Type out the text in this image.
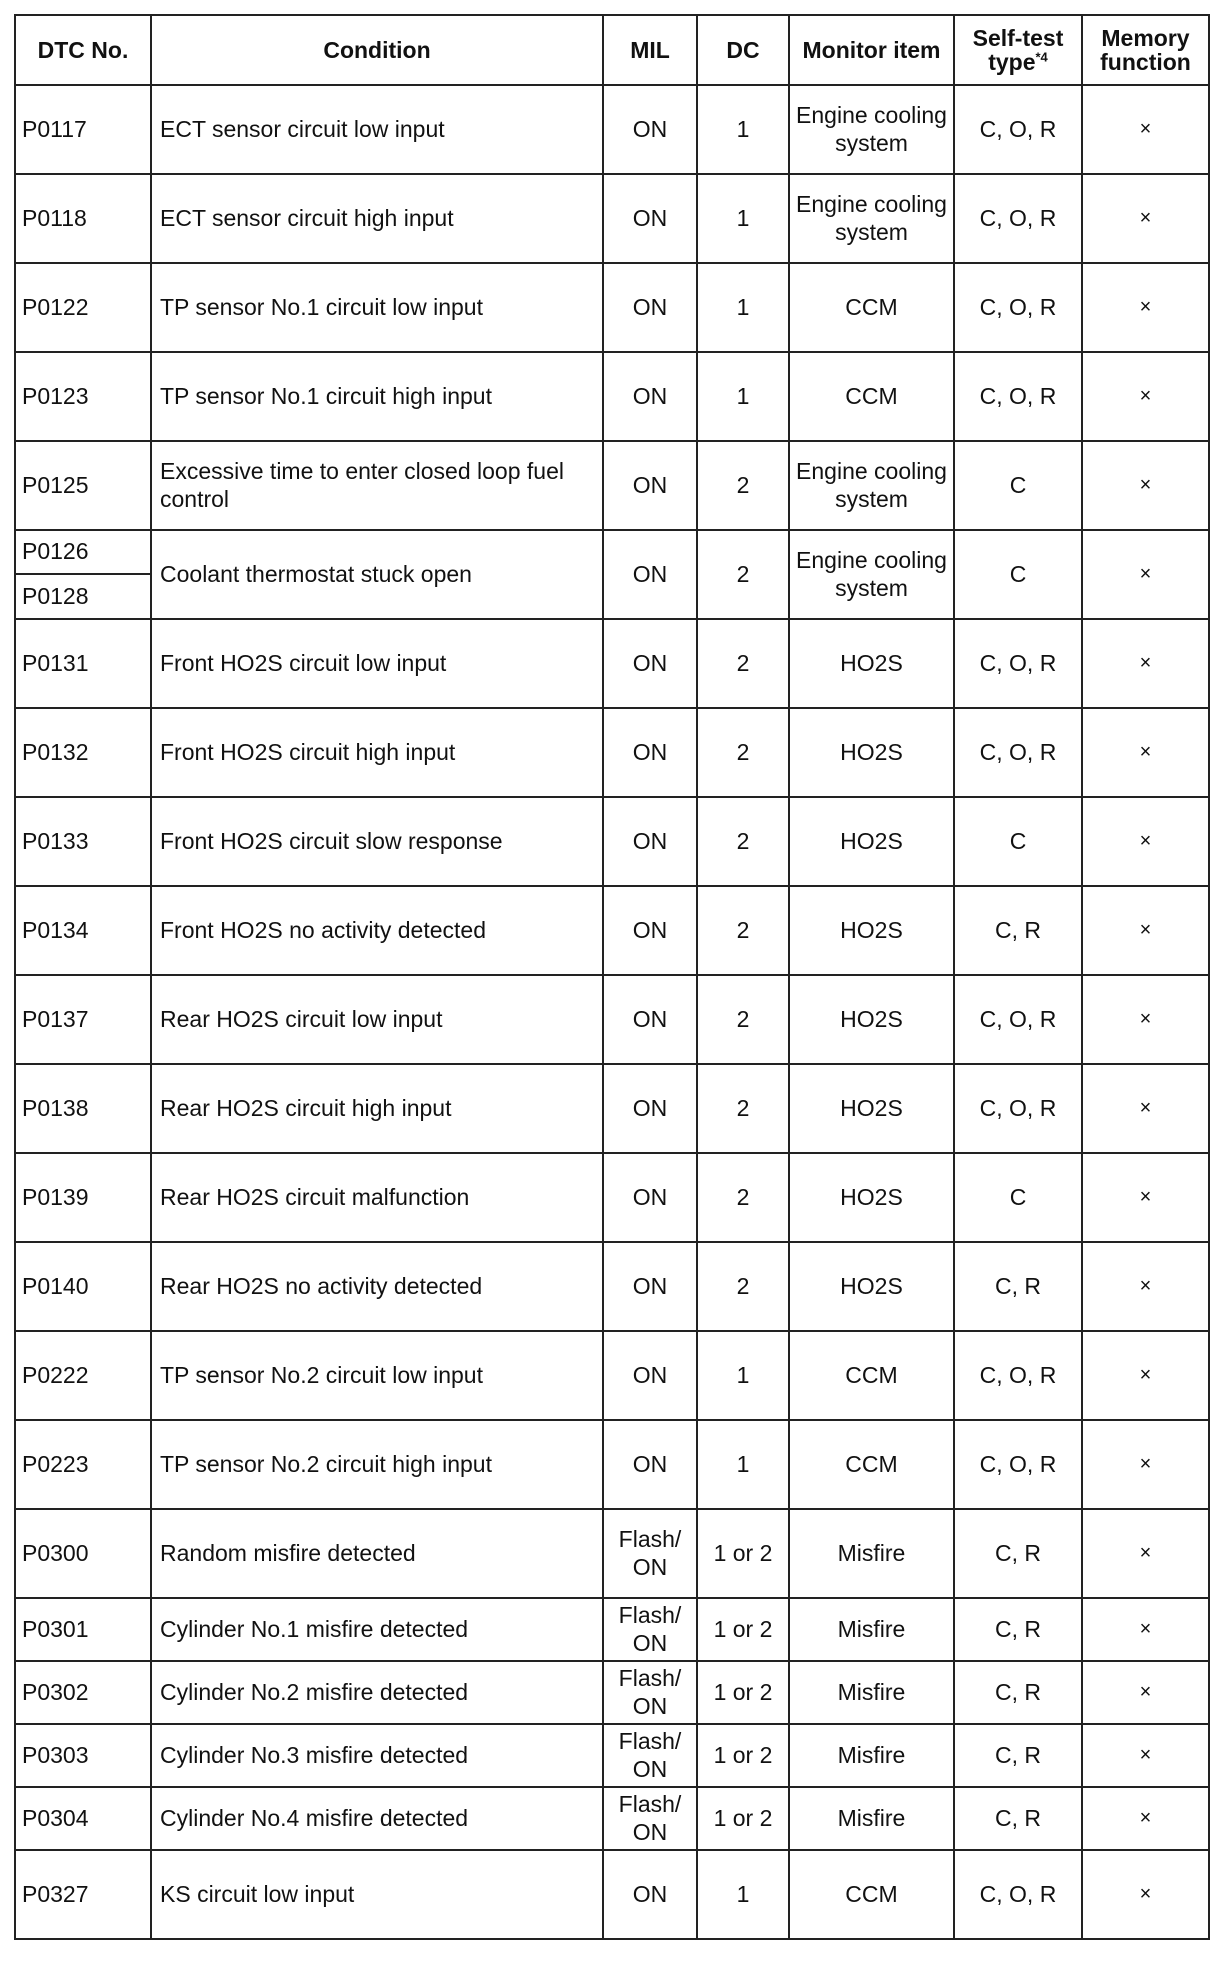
DTC No.	Condition	MIL	DC	Monitor item	Self-test type$^{*4}$	Memory
function
P0117	ECT sensor circuit low input	ON	1	Engine cooling system	C, O, R	×
P0118	ECT sensor circuit high input	ON	1	Engine cooling system	C, O, R	×
P0122	TP sensor No.1 circuit low input	ON	1	CCM	C, O, R	×
P0123	TP sensor No.1 circuit high input	ON	1	CCM	C, O, R	×
P0125	Excessive time to enter closed loop fuel control	ON	2	Engine cooling system	C	×
P0126	Coolant thermostat stuck open	ON	2	Engine cooling system	C	×
P0128						
P0131	Front HO2S circuit low input	ON	2	HO2S	C, O, R	×
P0132	Front HO2S circuit high input	ON	2	HO2S	C, O, R	×
P0133	Front HO2S circuit slow response	ON	2	HO2S	C	×
P0134	Front HO2S no activity detected	ON	2	HO2S	C, R	×
P0137	Rear HO2S circuit low input	ON	2	HO2S	C, O, R	×
P0138	Rear HO2S circuit high input	ON	2	HO2S	C, O, R	×
P0139	Rear HO2S circuit malfunction	ON	2	HO2S	C	×
P0140	Rear HO2S no activity detected	ON	2	HO2S	C, R	×
P0222	TP sensor No.2 circuit low input	ON	1	CCM	C, O, R	×
P0223	TP sensor No.2 circuit high input	ON	1	CCM	C, O, R	×
P0300	Random misfire detected	Flash/ ON	1 or 2	Misfire	C, R	×
P0301	Cylinder No.1 misfire detected	Flash/ ON	1 or 2	Misfire	C, R	×
P0302	Cylinder No.2 misfire detected	Flash/ ON	1 or 2	Misfire	C, R	×
P0303	Cylinder No.3 misfire detected	Flash/ ON	1 or 2	Misfire	C, R	×
P0304	Cylinder No.4 misfire detected	Flash/ ON	1 or 2	Misfire	C, R	×
P0327	KS circuit low input	ON	1	CCM	C, O, R	×
